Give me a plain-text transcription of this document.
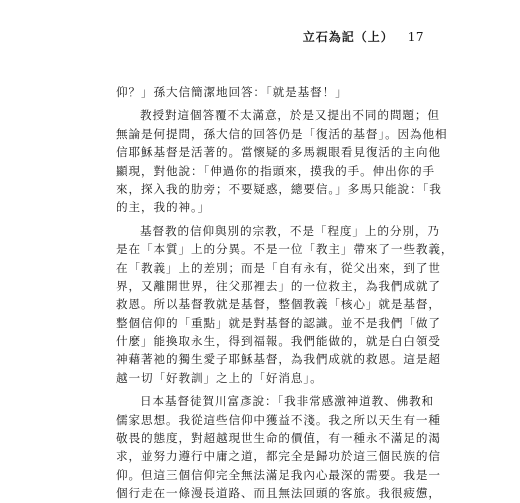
立石為記（上） 17
仰？」孫大信簡潔地回答：「就是基督！」
教授對這個答覆不太滿意，於是又提出不同的問題；但
無論是何提問，孫大信的回答仍是「復活的基督」。因為他相
信耶穌基督是活著的。當懷疑的多馬親眼看見復活的主向他
顯現，對他說：「伸過你的指頭來，摸我的手。伸出你的手
來，探入我的肋旁；不要疑惑，總要信。」多馬只能說：「我
的主，我的神。」
基督教的信仰與別的宗教，不是「程度」上的分別，乃
是在「本質」上的分異。不是一位「教主」帶來了一些教義，
在「教義」上的差別；而是「自有永有，從父出來，到了世
界，又離開世界，往父那裡去」的一位救主，為我們成就了
救恩。所以基督教就是基督，整個教義「核心」就是基督，
整個信仰的「重點」就是對基督的認識。並不是我們「做了
什麼」能換取永生，得到福報。我們能做的，就是白白領受
神藉著祂的獨生愛子耶穌基督，為我們成就的救恩。這是超
越一切「好教訓」之上的「好消息」。
日本基督徒賀川富彥說：「我非常感激神道教、佛教和
儒家思想。我從這些信仰中獲益不淺。我之所以天生有一種
敬畏的態度，對超越現世生命的價值，有一種永不滿足的渴
求，並努力遵行中庸之道，都完全是歸功於這三個民族的信
仰。但這三個信仰完全無法滿足我內心最深的需要。我是一
個行走在一條漫長道路、而且無法回頭的客旅。我很疲憊，
